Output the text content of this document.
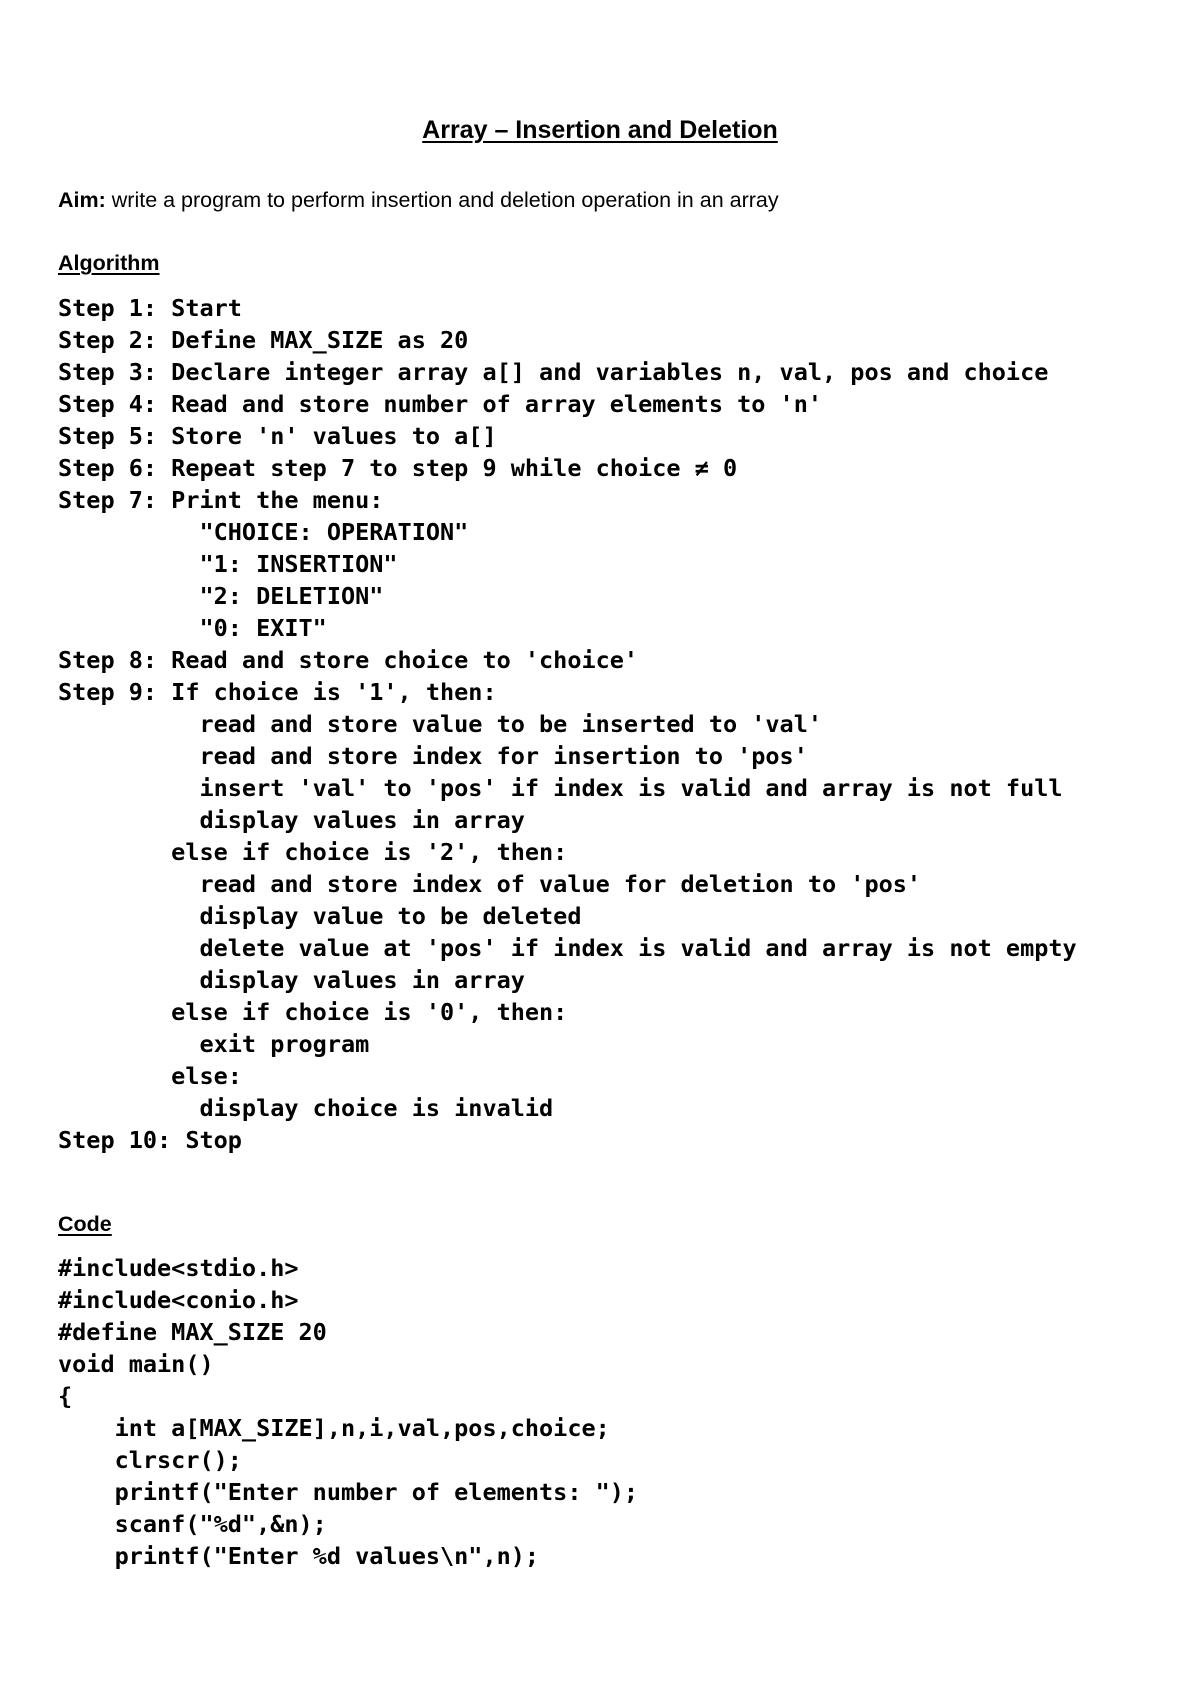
Array – Insertion and Deletion
Aim: write a program to perform insertion and deletion operation in an array
Algorithm
Step 1: Start
Step 2: Define MAX_SIZE as 20
Step 3: Declare integer array a[] and variables n, val, pos and choice
Step 4: Read and store number of array elements to 'n'
Step 5: Store 'n' values to a[]
Step 6: Repeat step 7 to step 9 while choice ≠ 0
Step 7: Print the menu:
"CHOICE: OPERATION"
"1: INSERTION"
"2: DELETION"
"0: EXIT"
Step 8: Read and store choice to 'choice'
Step 9: If choice is '1', then:
read and store value to be inserted to 'val'
read and store index for insertion to 'pos'
insert 'val' to 'pos' if index is valid and array is not full
display values in array
else if choice is '2', then:
read and store index of value for deletion to 'pos'
display value to be deleted
delete value at 'pos' if index is valid and array is not empty
display values in array
else if choice is '0', then:
exit program
else:
display choice is invalid
Step 10: Stop
Code
#include<stdio.h>
#include<conio.h>
#define MAX_SIZE 20
void main()
{
int a[MAX_SIZE],n,i,val,pos,choice;
clrscr();
printf("Enter number of elements: ");
scanf("%d",&n);
printf("Enter %d values\n",n);
